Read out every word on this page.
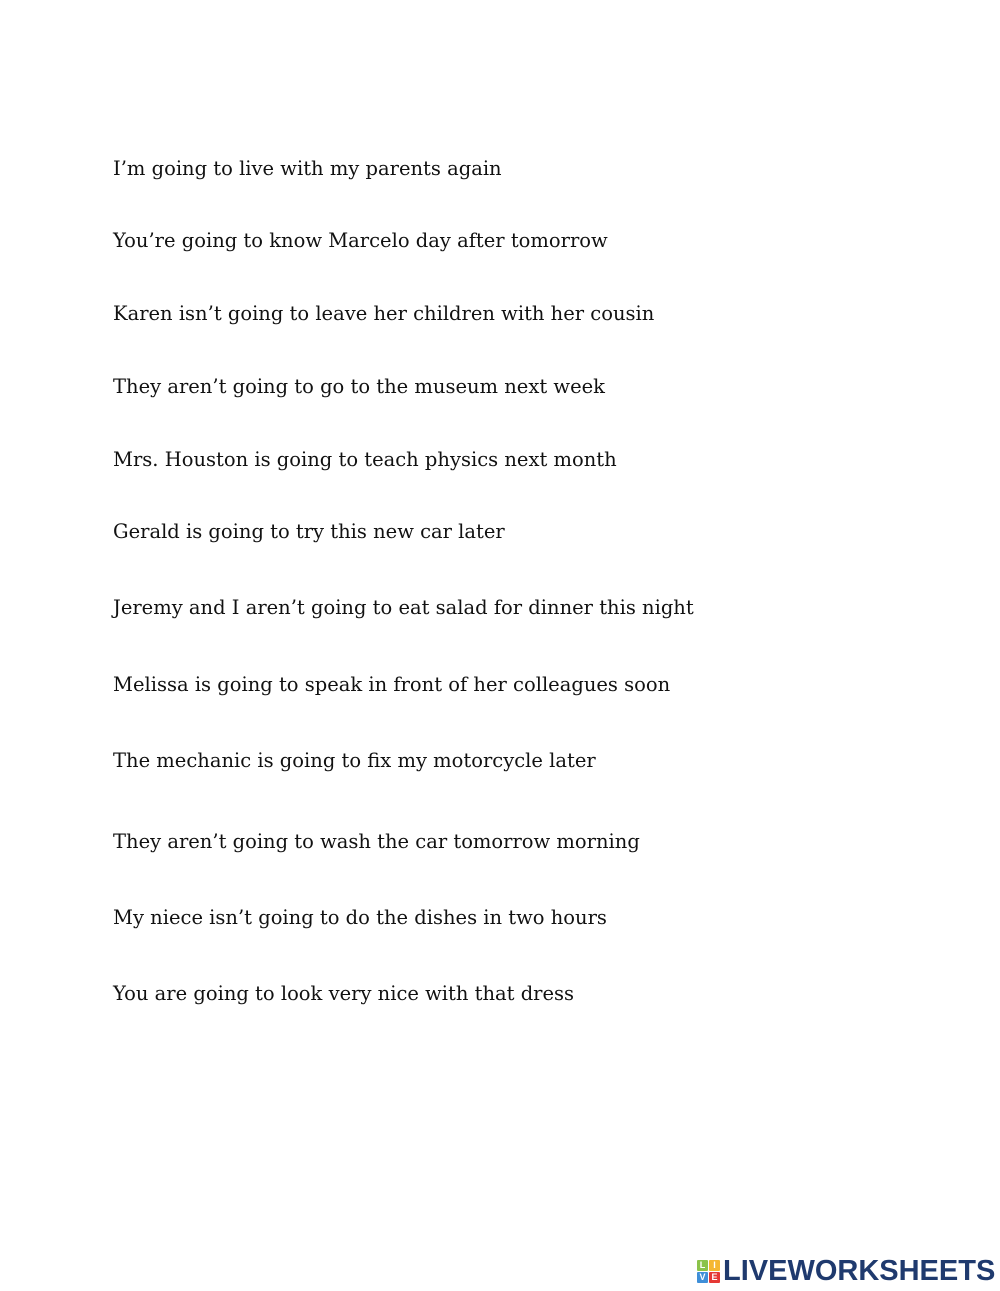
I’m going to live with my parents again
You’re going to know Marcelo day after tomorrow
Karen isn’t going to leave her children with her cousin
They aren’t going to go to the museum next week
Mrs. Houston is going to teach physics next month
Gerald is going to try this new car later
Jeremy and I aren’t going to eat salad for dinner this night
Melissa is going to speak in front of her colleagues soon
The mechanic is going to fix my motorcycle later
They aren’t going to wash the car tomorrow morning
My niece isn’t going to do the dishes in two hours
You are going to look very nice with that dress
L I
V E LIVEWORKSHEETS
